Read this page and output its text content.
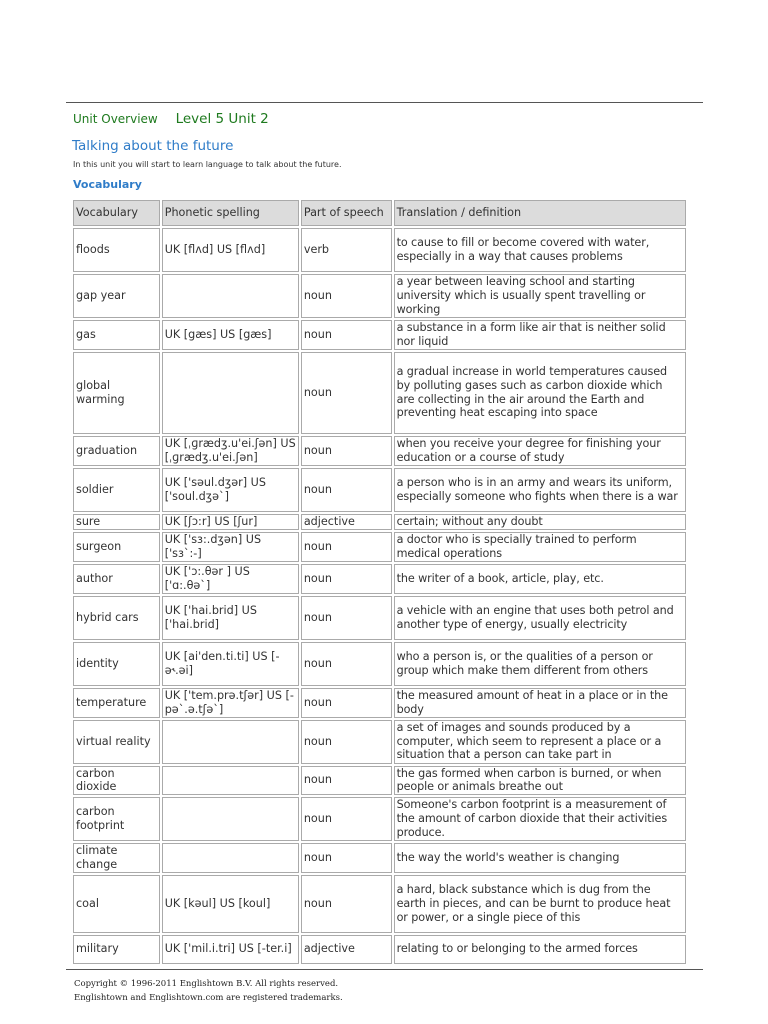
Unit Overview Level 5 Unit 2
Talking about the future
In this unit you will start to learn language to talk about the future.
Vocabulary
Vocabulary	Phonetic spelling	Part of speech	Translation / definition
floods	UK [flʌd] US [flʌd]	verb	to cause to fill or become covered with water, especially in a way that causes problems
gap year		noun	a year between leaving school and starting university which is usually spent travelling or working
gas	UK [gæs] US [gæs]	noun	a substance in a form like air that is neither solid nor liquid
global warming		noun	a gradual increase in world temperatures caused by polluting gases such as carbon dioxide which are collecting in the air around the Earth and preventing heat escaping into space
graduation	UK [ˌɡrædʒ.u'ei.ʃən] US [ˌɡrædʒ.u'ei.ʃən]	noun	when you receive your degree for finishing your education or a course of study
soldier	UK ['səul.dʒər] US ['soul.dʒə`]	noun	a person who is in an army and wears its uniform, especially someone who fights when there is a war
sure	UK [ʃɔ:r] US [ʃur]	adjective	certain; without any doubt
surgeon	UK ['sɜ:.dʒən] US ['sɜ`:-]	noun	a doctor who is specially trained to perform medical operations
author	UK ['ɔ:.θər ] US ['ɑ:.θə`]	noun	the writer of a book, article, play, etc.
hybrid cars	UK ['hai.brid] US ['hai.brid]	noun	a vehicle with an engine that uses both petrol and another type of energy, usually electricity
identity	UK [ai'den.ti.ti] US [-ə˞.əi]	noun	who a person is, or the qualities of a person or group which make them different from others
temperature	UK ['tem.prə.tʃər] US [-pə`.ə.tʃə`]	noun	the measured amount of heat in a place or in the body
virtual reality		noun	a set of images and sounds produced by a computer, which seem to represent a place or a situation that a person can take part in
carbon dioxide		noun	the gas formed when carbon is burned, or when people or animals breathe out
carbon footprint		noun	Someone's carbon footprint is a measurement of the amount of carbon dioxide that their activities produce.
climate change		noun	the way the world's weather is changing
coal	UK [kəul] US [koul]	noun	a hard, black substance which is dug from the earth in pieces, and can be burnt to produce heat or power, or a single piece of this
military	UK ['mil.i.tri] US [-ter.i]	adjective	relating to or belonging to the armed forces
Copyright © 1996-2011 Englishtown B.V. All rights reserved.
Englishtown and Englishtown.com are registered trademarks.
